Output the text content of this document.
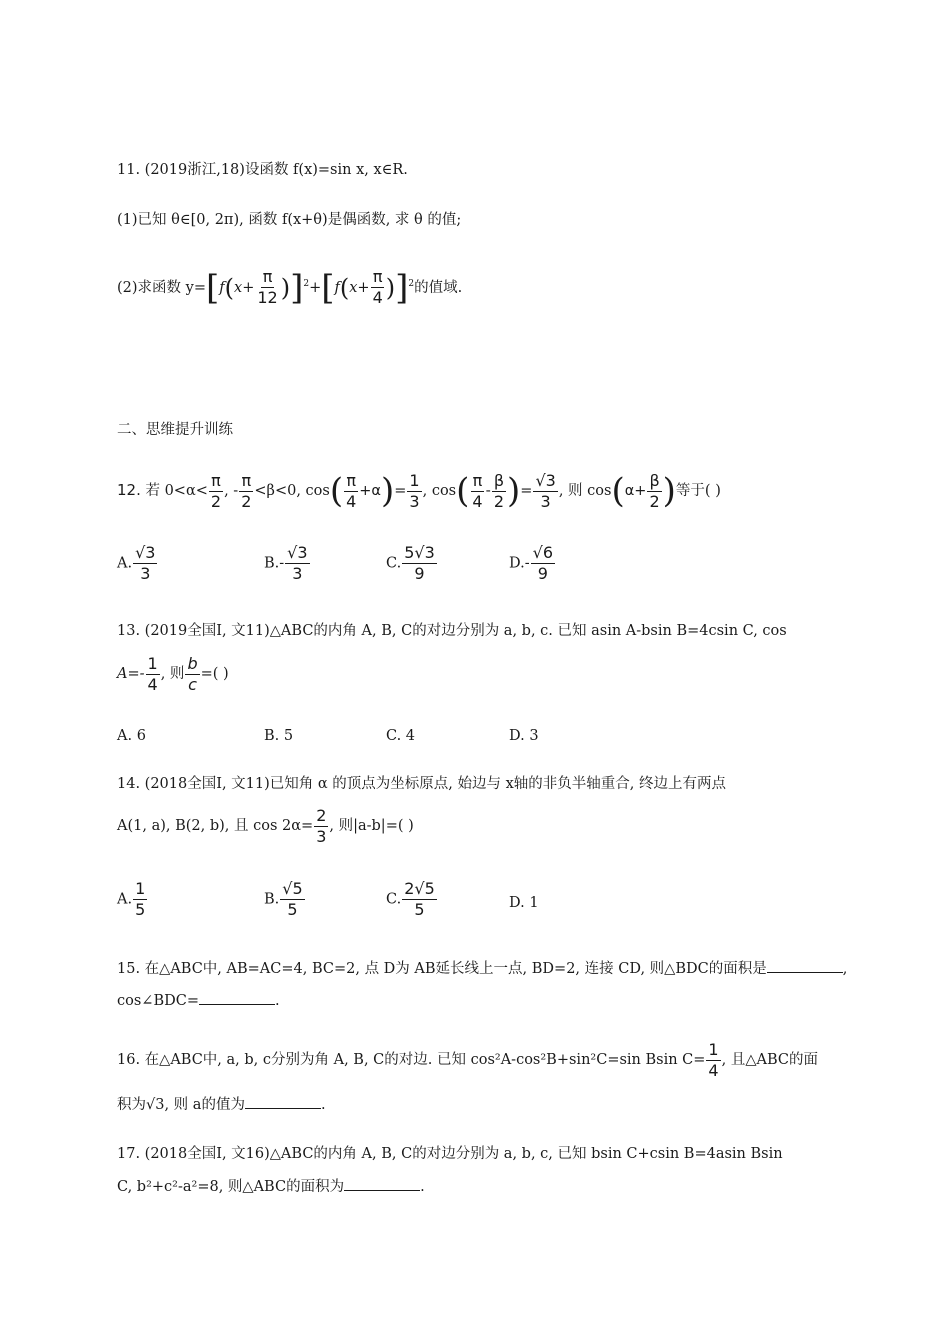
11. (2019浙江,18)设函数 f(x)=sin x, x∈R.
(1)已知 θ∈[0, 2π), 函数 f(x+θ)是偶函数, 求 θ 的值;
(2)求函数 $y=[f(x+ \frac{\pi}{12} )]^2+[f(x+ \frac{\pi}{4} )]^2$的值域.
二、思维提升训练
12. 若 $0<\alpha< \frac{\pi}{2}$ , - $\frac{\pi}{2} <\beta<0$, $\cos( \frac{\pi}{4} +\alpha)= \frac{1}{3}$ , $\cos( \frac{\pi}{4} - \frac{\beta}{2}$ )= $\frac{√3}{3}$ , 则 $\cos(\alpha+ \frac{\beta}{2}$ )等于( )
A. $\frac{√3}{3}$	$B.- \frac{√3}{3}$	C. $\frac{5√3}{9}$	$D.- \frac{√6}{9}$
13. (2019全国Ⅰ, 文11)△ABC的内角 A, B, C的对边分别为 a, b, c. 已知 asin A-bsin B=4csin C, cos
$A=- \frac{1}{4}$ , 则 $\frac{b}{c}$ =( )
A. 6	B. 5	C. 4	D. 3
14. (2018全国Ⅰ, 文11)已知角 α 的顶点为坐标原点, 始边与 x轴的非负半轴重合, 终边上有两点
A(1, a), B(2, b), 且 $\cos 2\alpha= \frac{2}{3}$ , 则|a-b|=( )
A. $\frac{1}{5}$	B. $\frac{√5}{5}$	C. $\frac{2√5}{5}$	D. 1
15. 在△ABC中, AB=AC=4, BC=2, 点 D为 AB延长线上一点, BD=2, 连接 CD, 则△BDC的面积是	,
cos∠BDC=	.
16. 在△ABC中, a, b, c分别为角 A, B, C的对边. 已知 cos²A-cos²B+sin²C=sin Bsin $C= \frac{1}{4}$ , 且△ABC的面
积为√3, 则 a的值为	.
17. (2018全国Ⅰ, 文16)△ABC的内角 A, B, C的对边分别为 a, b, c, 已知 bsin C+csin B=4asin Bsin
C, b²+c²-a²=8, 则△ABC的面积为	.
